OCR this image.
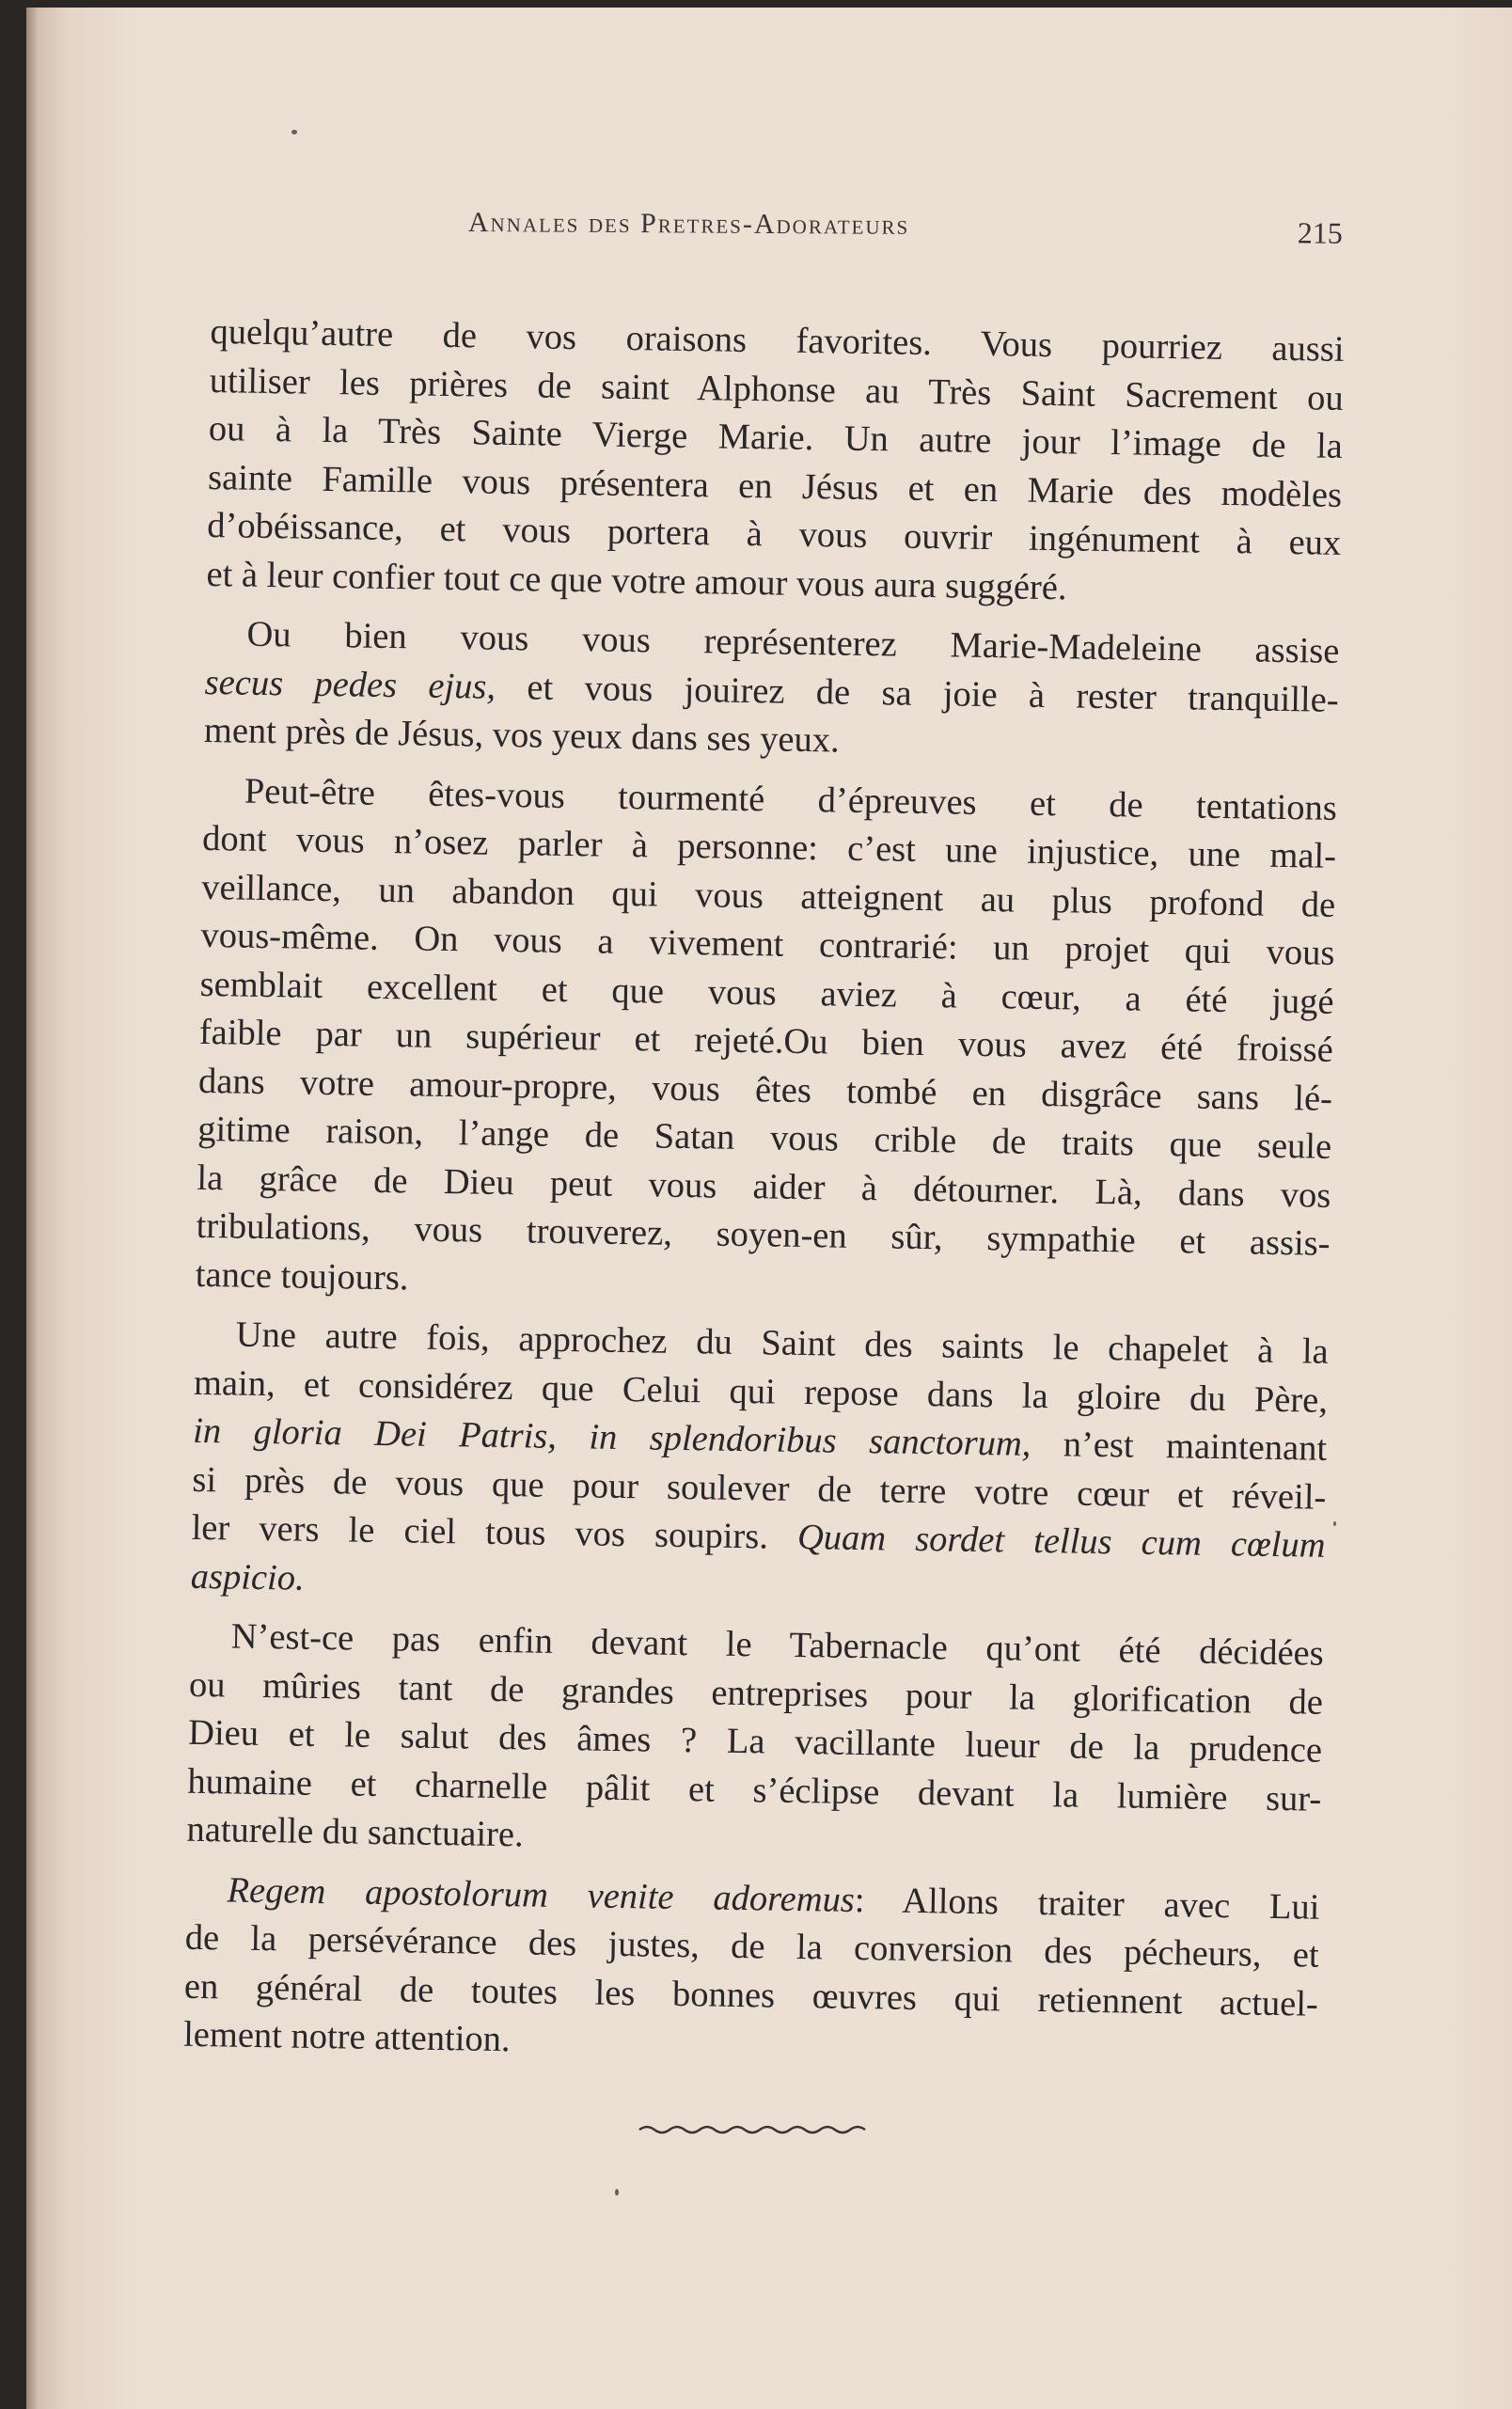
Annales des Pretres-Adorateurs	215
quelqu’autre de vos oraisons favorites. Vous pourriez aussi
utiliser les prières de saint Alphonse au Très Saint Sacrement ou
ou à la Très Sainte Vierge Marie. Un autre jour l’image de la
sainte Famille vous présentera en Jésus et en Marie des modèles
d’obéissance, et vous portera à vous ouvrir ingénument à eux
et à leur confier tout ce que votre amour vous aura suggéré.
Ou bien vous vous représenterez Marie-Madeleine assise
secus pedes ejus, et vous jouirez de sa joie à rester tranquille-
ment près de Jésus, vos yeux dans ses yeux.
Peut-être êtes-vous tourmenté d’épreuves et de tentations
dont vous n’osez parler à personne: c’est une injustice, une mal-
veillance, un abandon qui vous atteignent au plus profond de
vous-même. On vous a vivement contrarié: un projet qui vous
semblait excellent et que vous aviez à cœur, a été jugé
faible par un supérieur et rejeté.Ou bien vous avez été froissé
dans votre amour-propre, vous êtes tombé en disgrâce sans lé-
gitime raison, l’ange de Satan vous crible de traits que seule
la grâce de Dieu peut vous aider à détourner. Là, dans vos
tribulations, vous trouverez, soyen-en sûr, sympathie et assis-
tance toujours.
Une autre fois, approchez du Saint des saints le chapelet à la
main, et considérez que Celui qui repose dans la gloire du Père,
in gloria Dei Patris, in splendoribus sanctorum, n’est maintenant
si près de vous que pour soulever de terre votre cœur et réveil-
ler vers le ciel tous vos soupirs. Quam sordet tellus cum cœlum
aspicio.
N’est-ce pas enfin devant le Tabernacle qu’ont été décidées
ou mûries tant de grandes entreprises pour la glorification de
Dieu et le salut des âmes ? La vacillante lueur de la prudence
humaine et charnelle pâlit et s’éclipse devant la lumière sur-
naturelle du sanctuaire.
Regem apostolorum venite adoremus: Allons traiter avec Lui
de la persévérance des justes, de la conversion des pécheurs, et
en général de toutes les bonnes œuvres qui retiennent actuel-
lement notre attention.
